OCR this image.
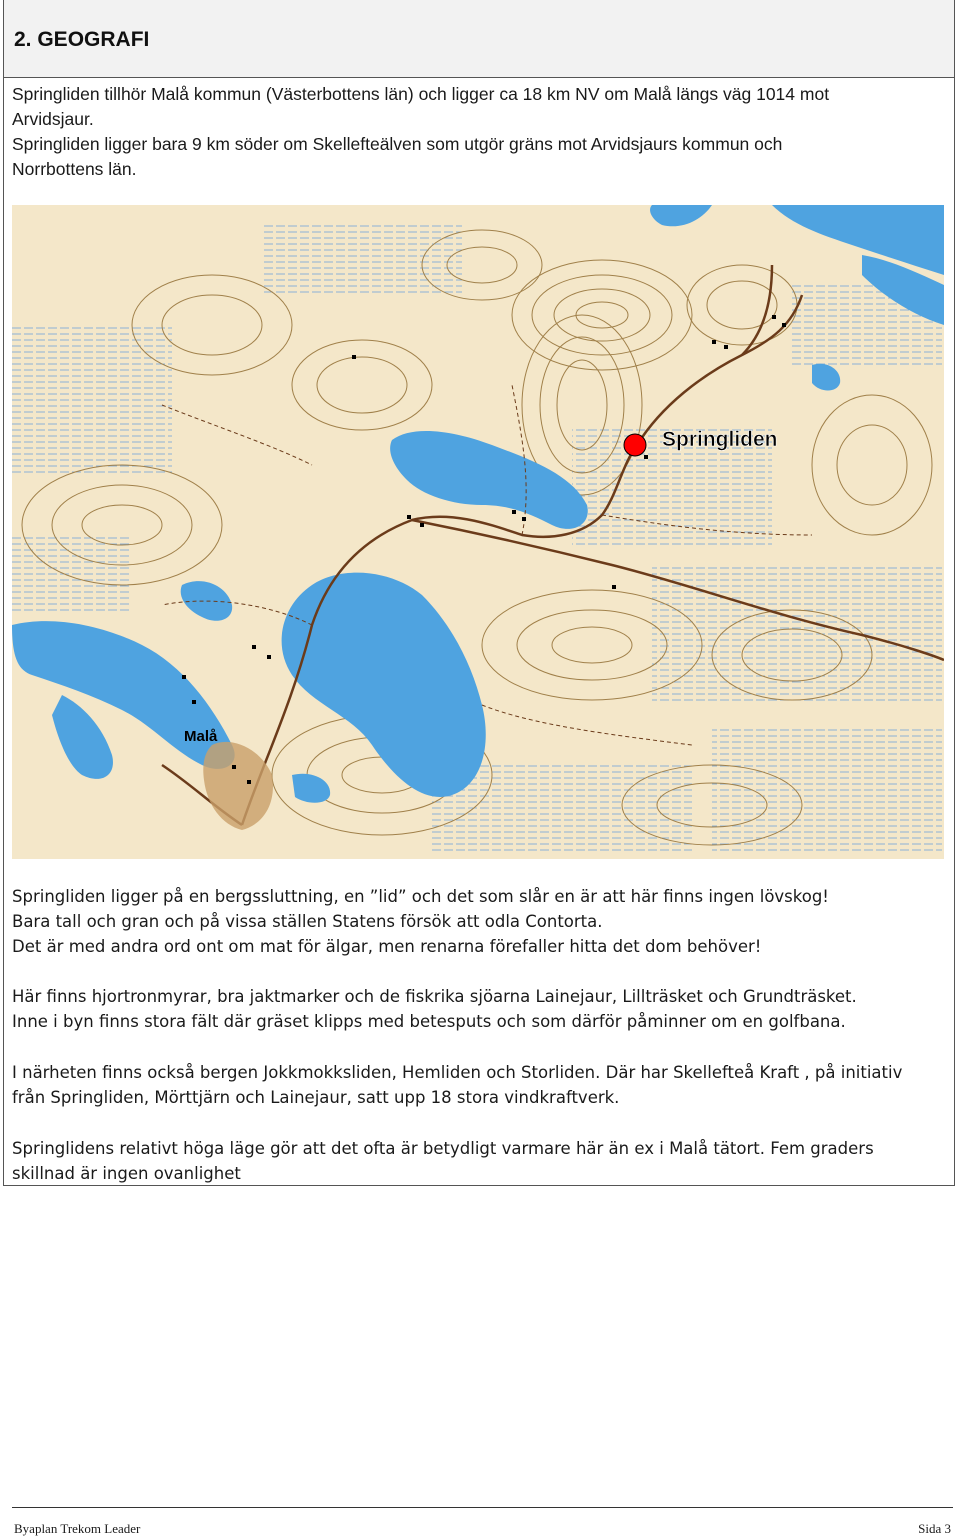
2. GEOGRAFI
Springliden tillhör Malå kommun (Västerbottens län) och ligger ca 18 km NV om Malå längs väg 1014 mot
Arvidsjaur.
Springliden ligger bara 9 km söder om Skellefteälven som utgör gräns mot Arvidsjaurs kommun och
Norrbottens län.
Springliden
Malå

Springliden ligger på en bergssluttning, en ”lid” och det som slår en är att här finns ingen lövskog!

Bara tall och gran och på vissa ställen Statens försök att odla Contorta.

Det är med andra ord ont om mat för älgar, men renarna förefaller hitta det dom behöver!

Här finns hjortronmyrar, bra jaktmarker och de fiskrika sjöarna Lainejaur, Lillträsket och Grundträsket.

Inne i byn finns stora fält där gräset klipps med betesputs och som därför påminner om en golfbana.

I närheten finns också bergen Jokkmokksliden, Hemliden och Storliden. Där har Skellefteå Kraft , på initiativ

från Springliden, Mörttjärn och Lainejaur, satt upp 18 stora vindkraftverk.

Springlidens relativt höga läge gör att det ofta är betydligt varmare här än ex i Malå tätort. Fem graders

skillnad är ingen ovanlighet

Byaplan Trekom Leader	Sida 3
